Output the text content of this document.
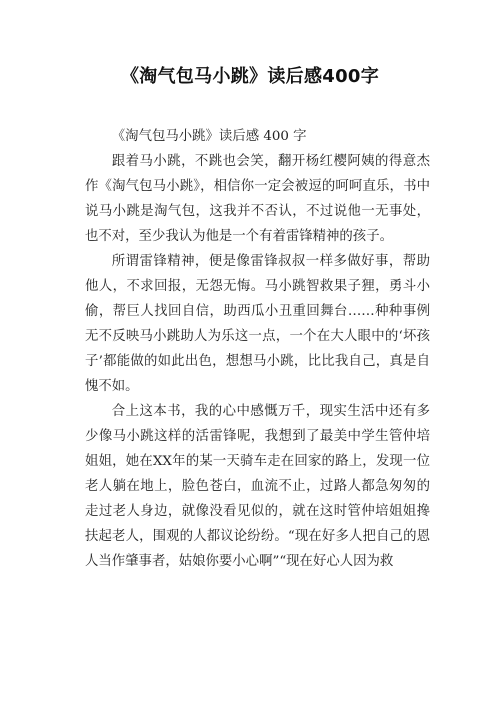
《淘气包马小跳》读后感400字

《淘气包马小跳》读后感 400 字

跟着马小跳，不跳也会笑，翻开杨红樱阿姨的得意杰作《淘气包马小跳》，相信你一定会被逗的呵呵直乐，书中说马小跳是淘气包，这我并不否认，不过说他一无事处，也不对，至少我认为他是一个有着雷锋精神的孩子。

所谓雷锋精神，便是像雷锋叔叔一样多做好事，帮助他人，不求回报，无怨无悔。马小跳智救果子狸，勇斗小偷，帮巨人找回自信，助西瓜小丑重回舞台……种种事例无不反映马小跳助人为乐这一点，一个在大人眼中的‘坏孩子’都能做的如此出色，想想马小跳，比比我自己，真是自愧不如。

合上这本书，我的心中感慨万千，现实生活中还有多少像马小跳这样的活雷锋呢，我想到了最美中学生管仲培姐姐，她在XX年的某一天骑车走在回家的路上，发现一位老人躺在地上，脸色苍白，血流不止，过路人都急匆匆的走过老人身边，就像没看见似的，就在这时管仲培姐姐搀扶起老人，围观的人都议论纷纷。“现在好多人把自己的恩人当作肇事者，姑娘你要小心啊”“现在好心人因为救
